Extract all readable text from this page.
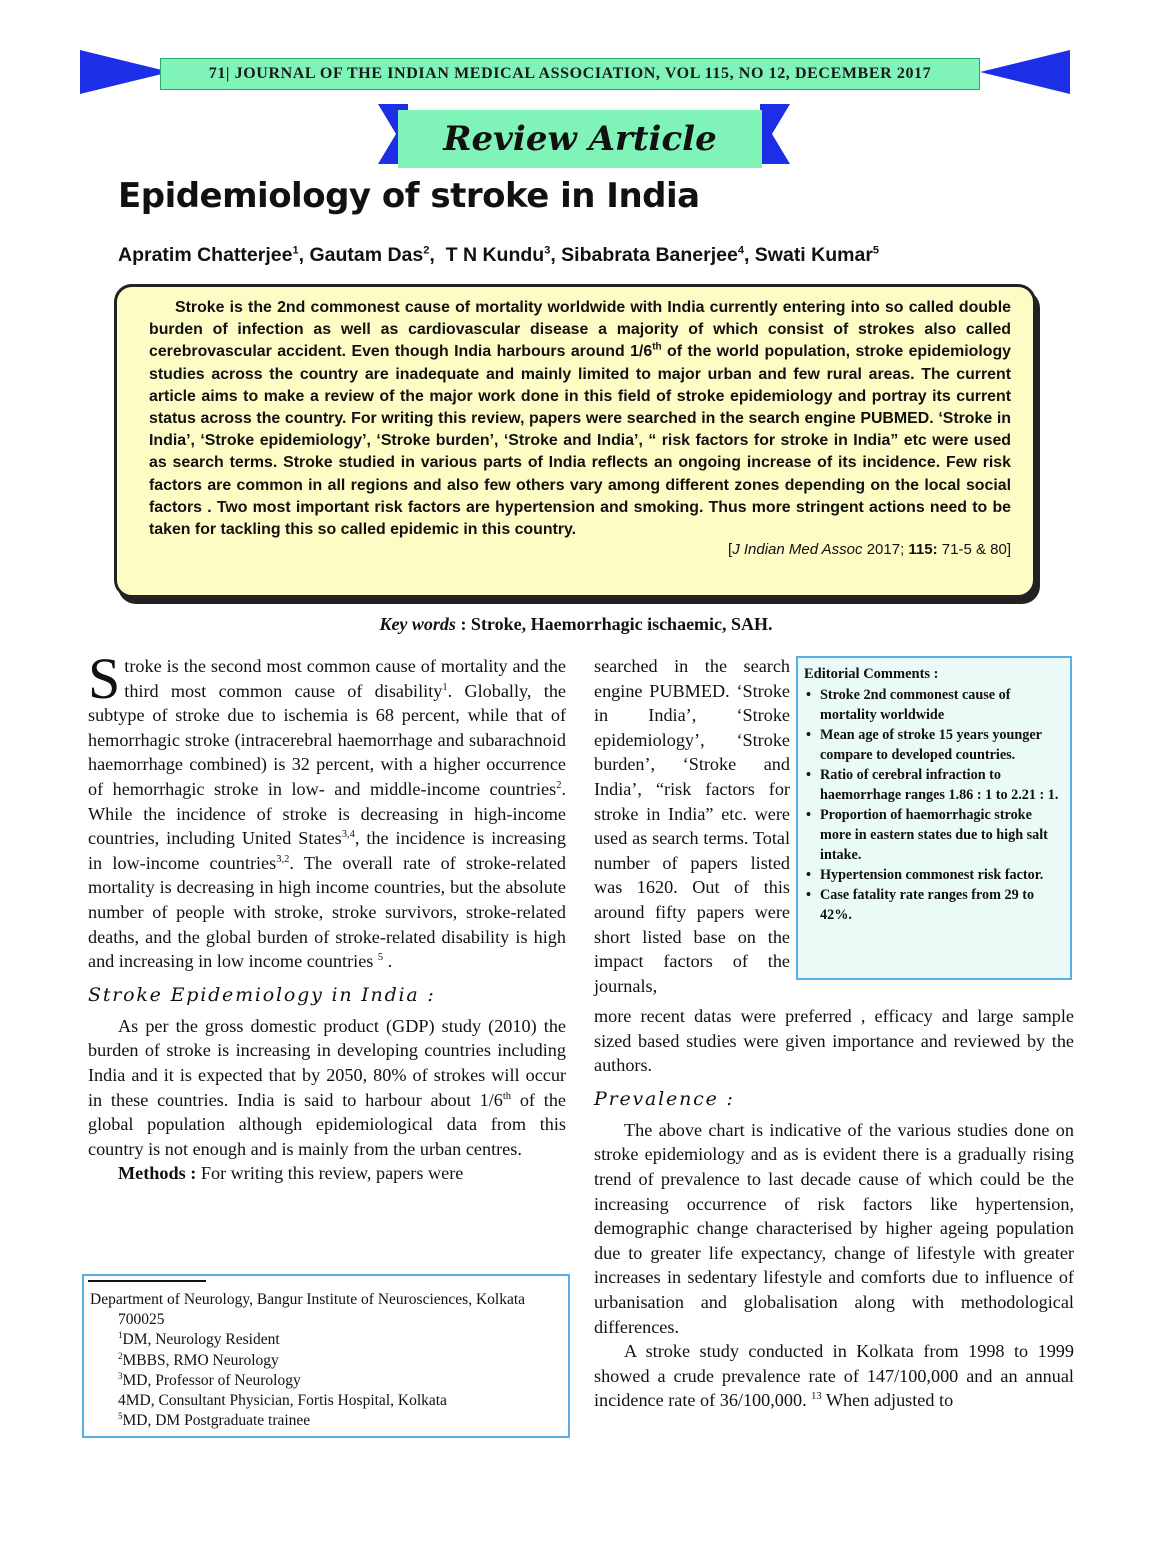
71| JOURNAL OF THE INDIAN MEDICAL ASSOCIATION, VOL 115, NO 12, DECEMBER 2017
Review Article
Epidemiology of stroke in India
Apratim Chatterjee$^1$, Gautam Das$^2$,  T N Kundu$^3$, Sibabrata Banerjee$^4$, Swati Kumar$^5$

Stroke is the 2nd commonest cause of mortality worldwide with India currently entering into so called double burden of infection as well as cardiovascular disease a majority of which consist of strokes also called cerebrovascular accident. Even though India harbours around 1/6th of the world population, stroke epidemiology studies across the country are inadequate and mainly limited to major urban and few rural areas. The current article aims to make a review of the major work done in this field of stroke epidemiology and portray its current status across the country. For writing this review, papers were searched in the search engine PUBMED. ‘Stroke in India’, ‘Stroke epidemiology’, ‘Stroke burden’, ‘Stroke and India’, “ risk factors for stroke in India” etc were used as search terms. Stroke studied in various parts of India reflects an ongoing increase of its incidence. Few risk factors are common in all regions and also few others vary among different zones depending on the local social factors . Two most important risk factors are hypertension and smoking. Thus more stringent actions need to be taken for tackling this so called epidemic in this country.

[J Indian Med Assoc 2017; 115: 71-5 & 80]

Key words : Stroke, Haemorrhagic ischaemic, SAH.

Stroke is the second most common cause of mortality and the third most common cause of disability$^1$. Globally, the subtype of stroke due to ischemia is 68 percent, while that of hemorrhagic stroke (intracerebral haemorrhage and subarachnoid haemorrhage combined) is 32 percent, with a higher occurrence of hemorrhagic stroke in low- and middle-income countries$^2$. While the incidence of stroke is decreasing in high-income countries, including United States$^{3,4}$, the incidence is increasing in low-income countries$^{3,2}$. The overall rate of stroke-related mortality is decreasing in high income countries, but the absolute number of people with stroke, stroke survivors, stroke-related deaths, and the global burden of stroke-related disability is high and increasing in low income countries $^5$ .

Stroke Epidemiology in India :

As per the gross domestic product (GDP) study (2010) the burden of stroke is increasing in developing countries including India and it is expected that by 2050, 80% of strokes will occur in these countries. India is said to harbour about 1/6th of the global population although epidemiological data from this country is not enough and is mainly from the urban centres.

Methods : For writing this review, papers were

searched in the search engine PUBMED. ‘Stroke in India’, ‘Stroke epidemiology’, ‘Stroke burden’, ‘Stroke and India’, “risk factors for stroke in India” etc. were used as search terms. Total number of papers listed was 1620. Out of this around fifty papers were short listed base on the impact factors of the journals,

Editorial Comments :
• Stroke 2nd commonest cause of mortality worldwide
• Mean age of stroke 15 years younger compare to developed countries.
• Ratio of cerebral infraction to haemorrhage ranges 1.86 : 1 to 2.21 : 1.
• Proportion of haemorrhagic stroke more in eastern states due to high salt intake.
• Hypertension commonest risk factor.
• Case fatality rate ranges from 29 to 42%.

more recent datas were preferred , efficacy and large sample sized based studies were given importance and reviewed by the authors.

Prevalence :

The above chart is indicative of the various studies done on stroke epidemiology and as is evident there is a gradually rising trend of prevalence to last decade cause of which could be the increasing occurrence of risk factors like hypertension, demographic change characterised by higher ageing population due to greater life expectancy, change of lifestyle with greater increases in sedentary lifestyle and comforts due to influence of urbanisation and globalisation along with methodological differences.

A stroke study conducted in Kolkata from 1998 to 1999 showed a crude prevalence rate of 147/100,000 and an annual incidence rate of 36/100,000. $^{13}$ When adjusted to

Department of Neurology, Bangur Institute of Neurosciences, Kolkata
700025
$^1$DM, Neurology Resident
$^2$MBBS, RMO Neurology
$^3$MD, Professor of Neurology
4MD, Consultant Physician, Fortis Hospital, Kolkata
$^5$MD, DM Postgraduate trainee
